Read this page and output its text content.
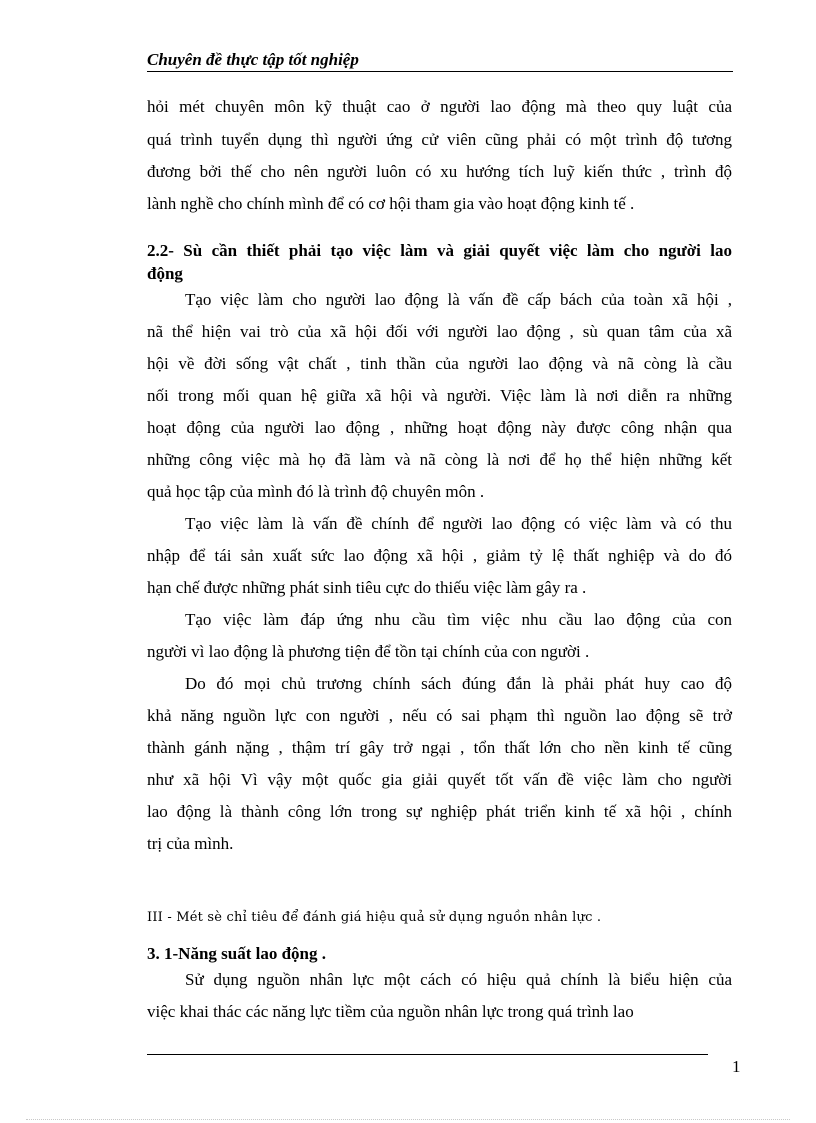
Chuyên đề thực tập tốt nghiệp
hỏi mét chuyên môn kỹ thuật cao ở người lao động mà theo quy luật của
quá trình tuyển dụng thì người ứng cử viên cũng phải có một trình độ tương
đương bởi thế cho nên người luôn có xu hướng tích luỹ kiến thức , trình độ
lành nghề cho chính mình để có cơ hội tham gia vào hoạt động kinh tế .
2.2- Sù cần thiết phải tạo việc làm và giải quyết việc làm cho người lao
động
Tạo việc làm cho người lao động là vấn đề cấp bách của toàn xã hội ,
nã thể hiện vai trò của xã hội đối với người lao động , sù quan tâm của xã
hội về đời sống vật chất , tinh thần của người lao động và nã còng là cầu
nối trong mối quan hệ giữa xã hội và người. Việc làm là nơi diễn ra những
hoạt động của người lao động , những hoạt động này được công nhận qua
những công việc mà họ đã làm và nã còng là nơi để họ thể hiện những kết
quả học tập của mình đó là trình độ chuyên môn .
Tạo việc làm là vấn đề chính để người lao động có việc làm và có thu
nhập để tái sản xuất sức lao động xã hội , giảm tỷ lệ thất nghiệp và do đó
hạn chế được những phát sinh tiêu cực do thiếu việc làm gây ra .
Tạo việc làm đáp ứng nhu cầu tìm việc nhu cầu lao động của con
người vì lao động là phương tiện để tồn tại chính của con người .
Do đó mọi chủ trương chính sách đúng đắn là phải phát huy cao độ
khả năng nguồn lực con người , nếu có sai phạm thì nguồn lao động sẽ trở
thành gánh nặng , thậm trí gây trở ngại , tổn thất lớn cho nền kinh tế cũng
như xã hội Vì vậy một quốc gia giải quyết tốt vấn đề việc làm cho người
lao động là thành công lớn trong sự nghiệp phát triển kinh tế xã hội , chính
trị của mình.
III - Mét sè chỉ tiêu để đánh giá hiệu quả sử dụng nguồn nhân lực .
3. 1-Năng suất lao động .
Sử dụng nguồn nhân lực một cách có hiệu quả chính là biểu hiện của
việc khai thác các năng lực tiềm của nguồn nhân lực trong quá trình lao
1
